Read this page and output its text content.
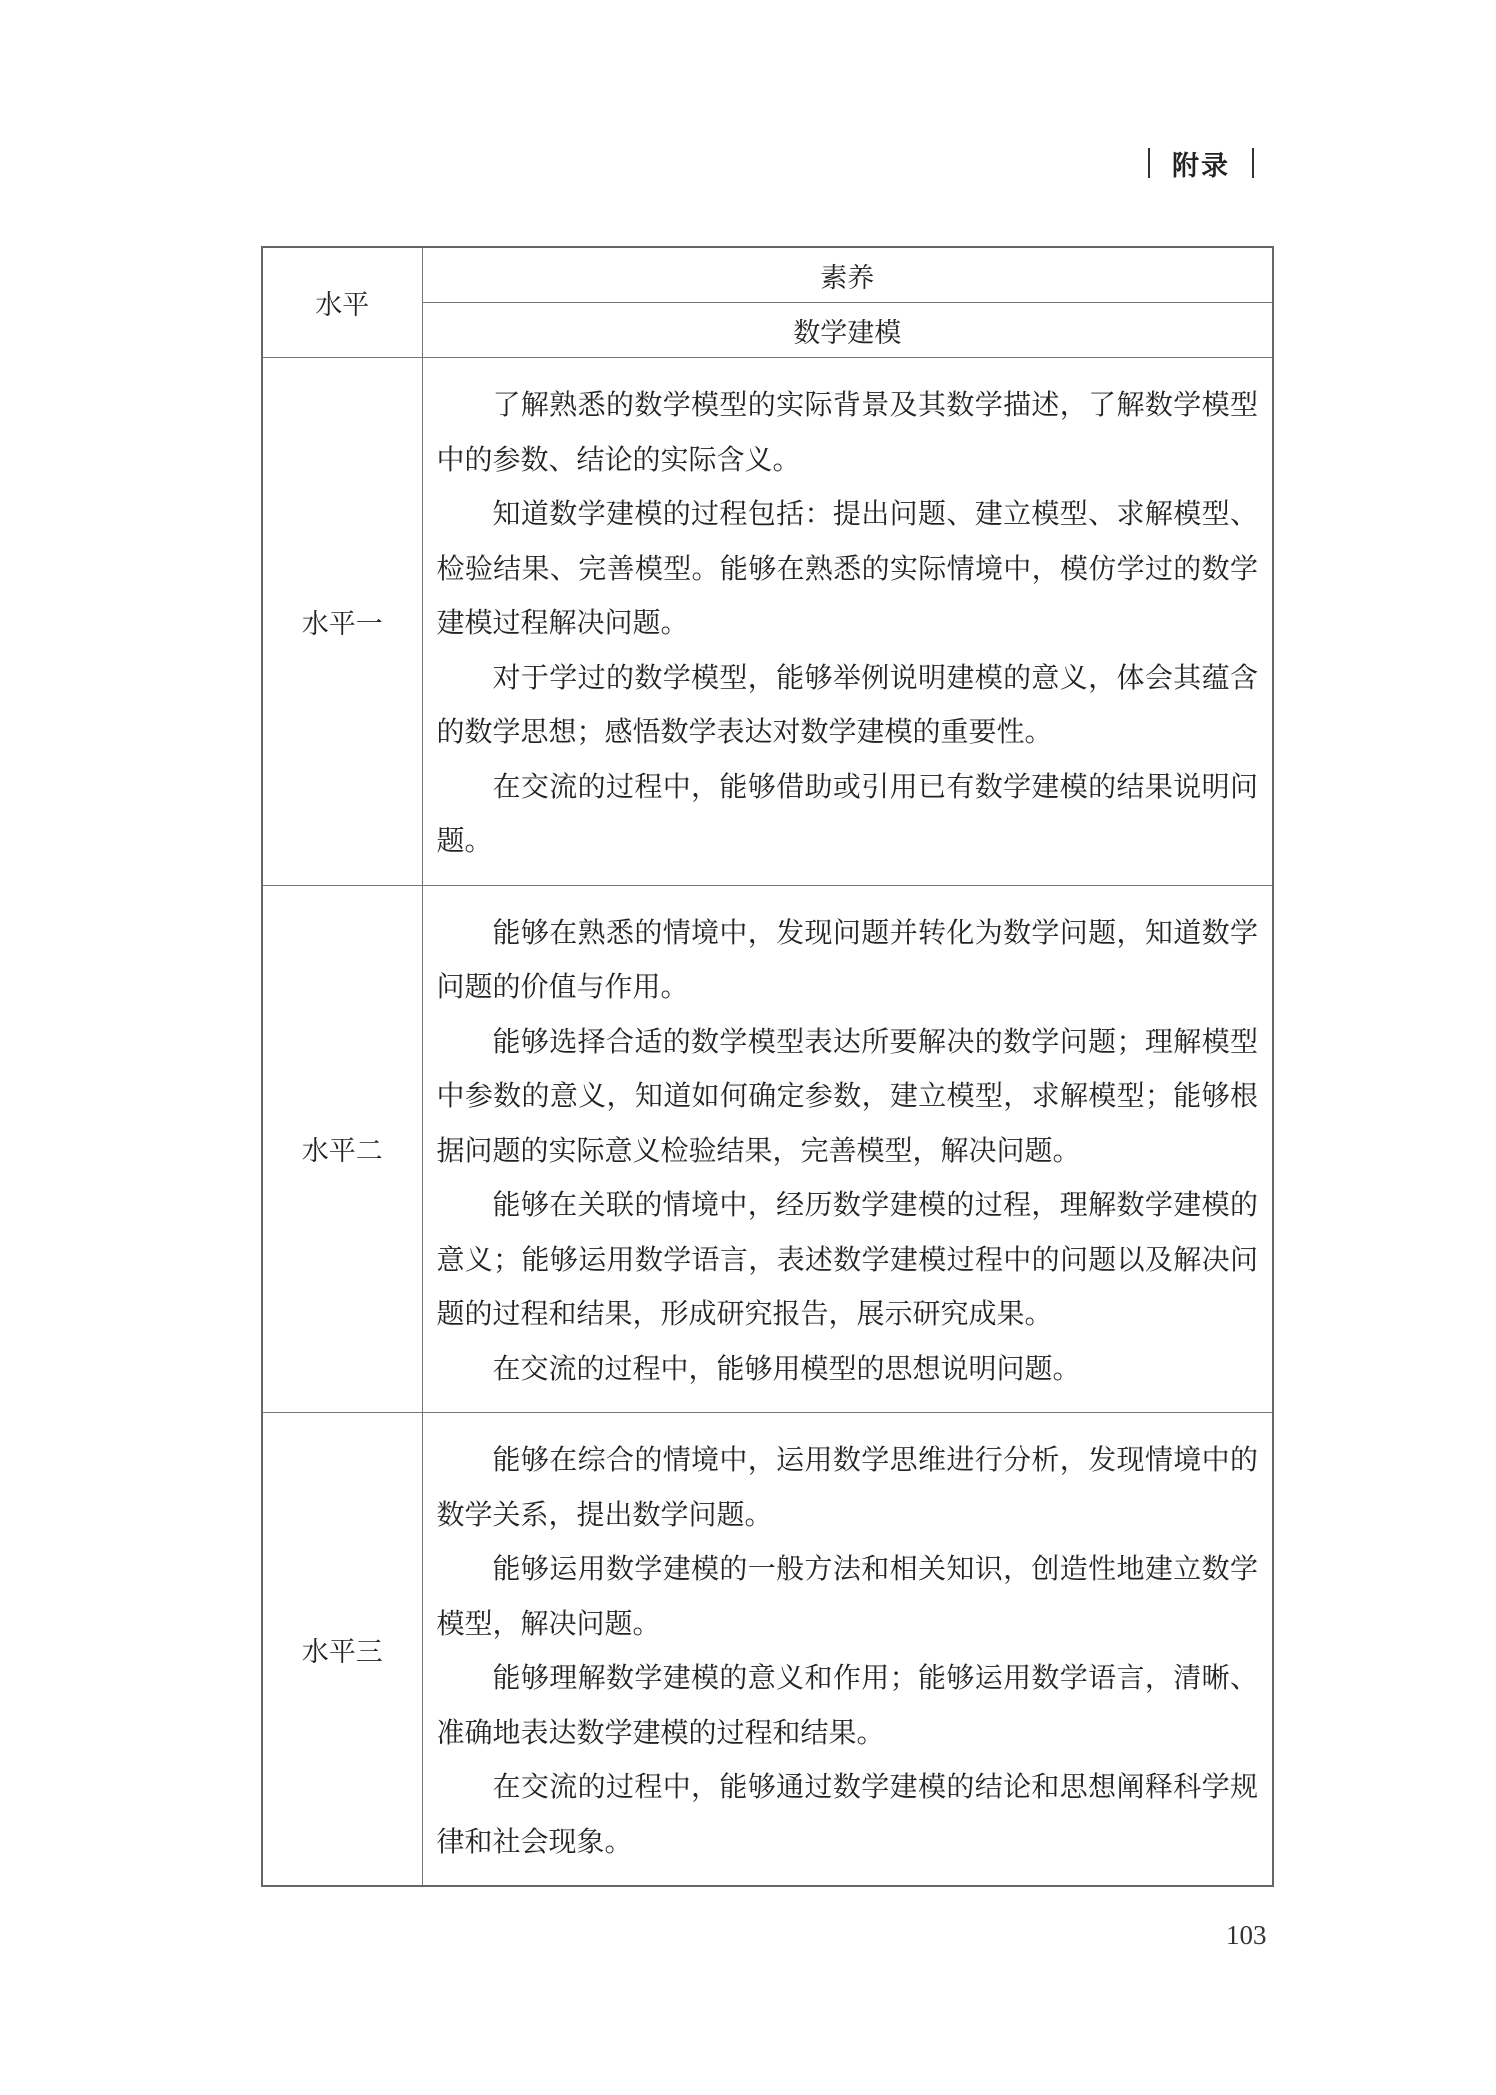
附录
水平	素养
	数学建模
水平一	了解熟悉的数学模型的实际背景及其数学描述，了解数学模型中的参数、结论的实际含义。

知道数学建模的过程包括：提出问题、建立模型、求解模型、检验结果、完善模型。能够在熟悉的实际情境中，模仿学过的数学建模过程解决问题。

对于学过的数学模型，能够举例说明建模的意义，体会其蕴含的数学思想；感悟数学表达对数学建模的重要性。

在交流的过程中，能够借助或引用已有数学建模的结果说明问题。

水平二	能够在熟悉的情境中，发现问题并转化为数学问题，知道数学问题的价值与作用。

能够选择合适的数学模型表达所要解决的数学问题；理解模型中参数的意义，知道如何确定参数，建立模型，求解模型；能够根据问题的实际意义检验结果，完善模型，解决问题。

能够在关联的情境中，经历数学建模的过程，理解数学建模的意义；能够运用数学语言，表述数学建模过程中的问题以及解决问题的过程和结果，形成研究报告，展示研究成果。

在交流的过程中，能够用模型的思想说明问题。

水平三	能够在综合的情境中，运用数学思维进行分析，发现情境中的数学关系，提出数学问题。

能够运用数学建模的一般方法和相关知识，创造性地建立数学模型，解决问题。

能够理解数学建模的意义和作用；能够运用数学语言，清晰、准确地表达数学建模的过程和结果。

在交流的过程中，能够通过数学建模的结论和思想阐释科学规律和社会现象。

103
